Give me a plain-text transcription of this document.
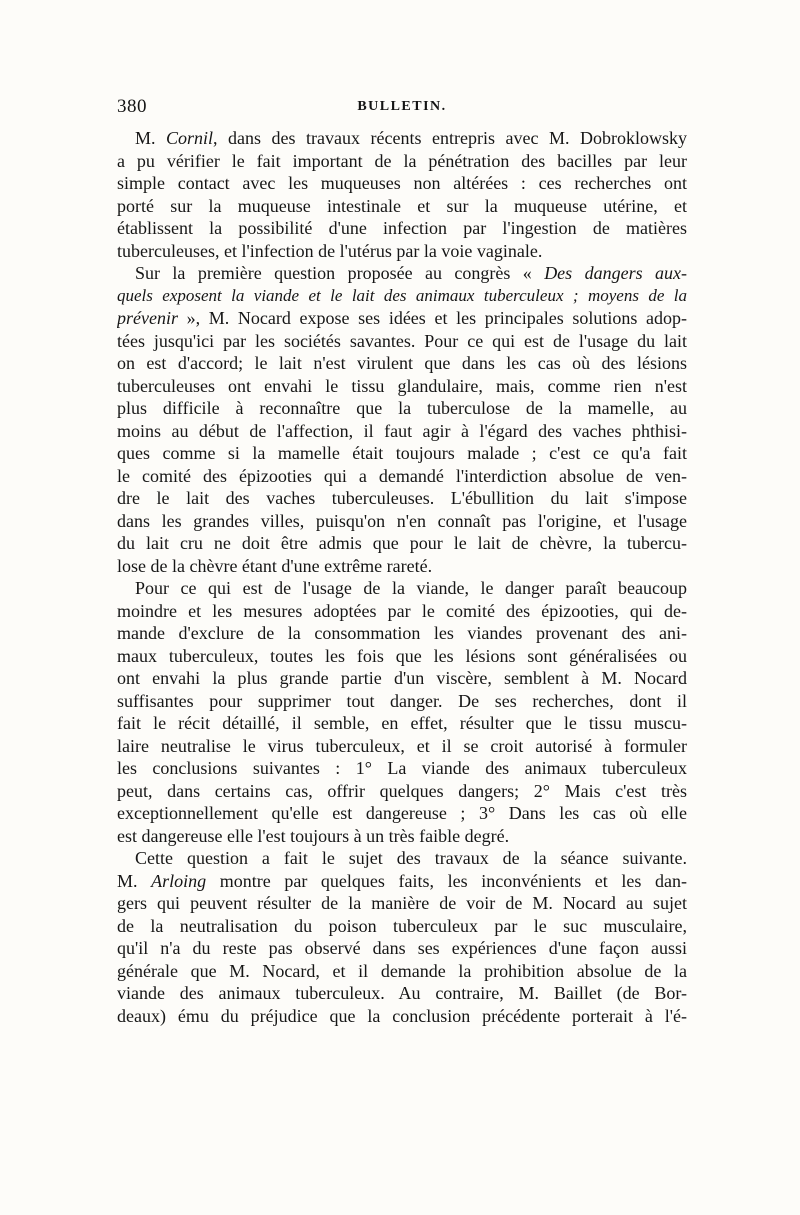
380	BULLETIN.
M. Cornil, dans des travaux récents entrepris avec M. Dobroklowsky
a pu vérifier le fait important de la pénétration des bacilles par leur
simple contact avec les muqueuses non altérées : ces recherches ont
porté sur la muqueuse intestinale et sur la muqueuse utérine, et
établissent la possibilité d'une infection par l'ingestion de matières
tuberculeuses, et l'infection de l'utérus par la voie vaginale.
Sur la première question proposée au congrès « Des dangers aux-
quels exposent la viande et le lait des animaux tuberculeux ; moyens de la
prévenir », M. Nocard expose ses idées et les principales solutions adop-
tées jusqu'ici par les sociétés savantes. Pour ce qui est de l'usage du lait
on est d'accord; le lait n'est virulent que dans les cas où des lésions
tuberculeuses ont envahi le tissu glandulaire, mais, comme rien n'est
plus difficile à reconnaître que la tuberculose de la mamelle, au
moins au début de l'affection, il faut agir à l'égard des vaches phthisi-
ques comme si la mamelle était toujours malade ; c'est ce qu'a fait
le comité des épizooties qui a demandé l'interdiction absolue de ven-
dre le lait des vaches tuberculeuses. L'ébullition du lait s'impose
dans les grandes villes, puisqu'on n'en connaît pas l'origine, et l'usage
du lait cru ne doit être admis que pour le lait de chèvre, la tubercu-
lose de la chèvre étant d'une extrême rareté.
Pour ce qui est de l'usage de la viande, le danger paraît beaucoup
moindre et les mesures adoptées par le comité des épizooties, qui de-
mande d'exclure de la consommation les viandes provenant des ani-
maux tuberculeux, toutes les fois que les lésions sont généralisées ou
ont envahi la plus grande partie d'un viscère, semblent à M. Nocard
suffisantes pour supprimer tout danger. De ses recherches, dont il
fait le récit détaillé, il semble, en effet, résulter que le tissu muscu-
laire neutralise le virus tuberculeux, et il se croit autorisé à formuler
les conclusions suivantes : 1° La viande des animaux tuberculeux
peut, dans certains cas, offrir quelques dangers; 2° Mais c'est très
exceptionnellement qu'elle est dangereuse ; 3° Dans les cas où elle
est dangereuse elle l'est toujours à un très faible degré.
Cette question a fait le sujet des travaux de la séance suivante.
M. Arloing montre par quelques faits, les inconvénients et les dan-
gers qui peuvent résulter de la manière de voir de M. Nocard au sujet
de la neutralisation du poison tuberculeux par le suc musculaire,
qu'il n'a du reste pas observé dans ses expériences d'une façon aussi
générale que M. Nocard, et il demande la prohibition absolue de la
viande des animaux tuberculeux. Au contraire, M. Baillet (de Bor-
deaux) ému du préjudice que la conclusion précédente porterait à l'é-
